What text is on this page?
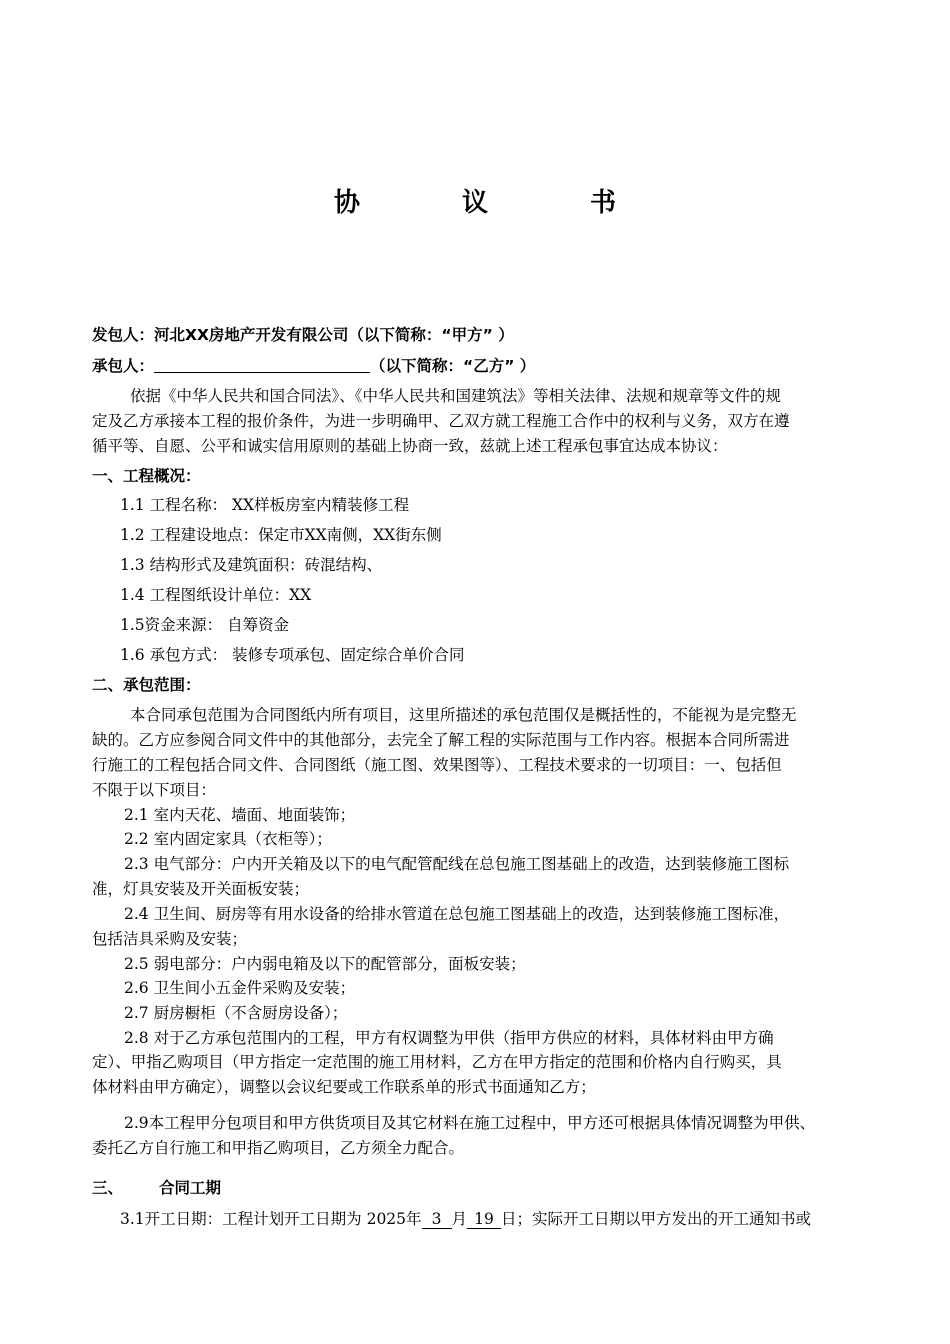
协　议　书
发包人：河北XX房地产开发有限公司（以下简称：“甲方” ）
承包人：	（以下简称：“乙方” ）
依据《中华人民共和国合同法》、《中华人民共和国建筑法》等相关法律、法规和规章等文件的规
定及乙方承接本工程的报价条件，为进一步明确甲、乙双方就工程施工合作中的权利与义务，双方在遵
循平等、自愿、公平和诚实信用原则的基础上协商一致，兹就上述工程承包事宜达成本协议：
一、工程概况：
1.1 工程名称： XX样板房室内精装修工程
1.2 工程建设地点：保定市XX南侧，XX街东侧
1.3 结构形式及建筑面积：砖混结构、
1.4 工程图纸设计单位：XX
1.5资金来源： 自筹资金
1.6 承包方式： 装修专项承包、固定综合单价合同
二、承包范围：
本合同承包范围为合同图纸内所有项目，这里所描述的承包范围仅是概括性的，不能视为是完整无
缺的。乙方应参阅合同文件中的其他部分，去完全了解工程的实际范围与工作内容。根据本合同所需进
行施工的工程包括合同文件、合同图纸（施工图、效果图等）、工程技术要求的一切项目：一、包括但
不限于以下项目：
2.1 室内天花、墙面、地面装饰；
2.2 室内固定家具（衣柜等）；
2.3 电气部分：户内开关箱及以下的电气配管配线在总包施工图基础上的改造，达到装修施工图标
准，灯具安装及开关面板安装；
2.4 卫生间、厨房等有用水设备的给排水管道在总包施工图基础上的改造，达到装修施工图标准，
包括洁具采购及安装；
2.5 弱电部分：户内弱电箱及以下的配管部分，面板安装；
2.6 卫生间小五金件采购及安装；
2.7 厨房橱柜（不含厨房设备）；
2.8 对于乙方承包范围内的工程，甲方有权调整为甲供（指甲方供应的材料，具体材料由甲方确
定）、甲指乙购项目（甲方指定一定范围的施工用材料，乙方在甲方指定的范围和价格内自行购买，具
体材料由甲方确定），调整以会议纪要或工作联系单的形式书面通知乙方；
2.9本工程甲分包项目和甲方供货项目及其它材料在施工过程中，甲方还可根据具体情况调整为甲供、
委托乙方自行施工和甲指乙购项目，乙方须全力配合。
三、 合同工期
3.1开工日期：工程计划开工日期为 2025年 3 月 19 日；实际开工日期以甲方发出的开工通知书或
